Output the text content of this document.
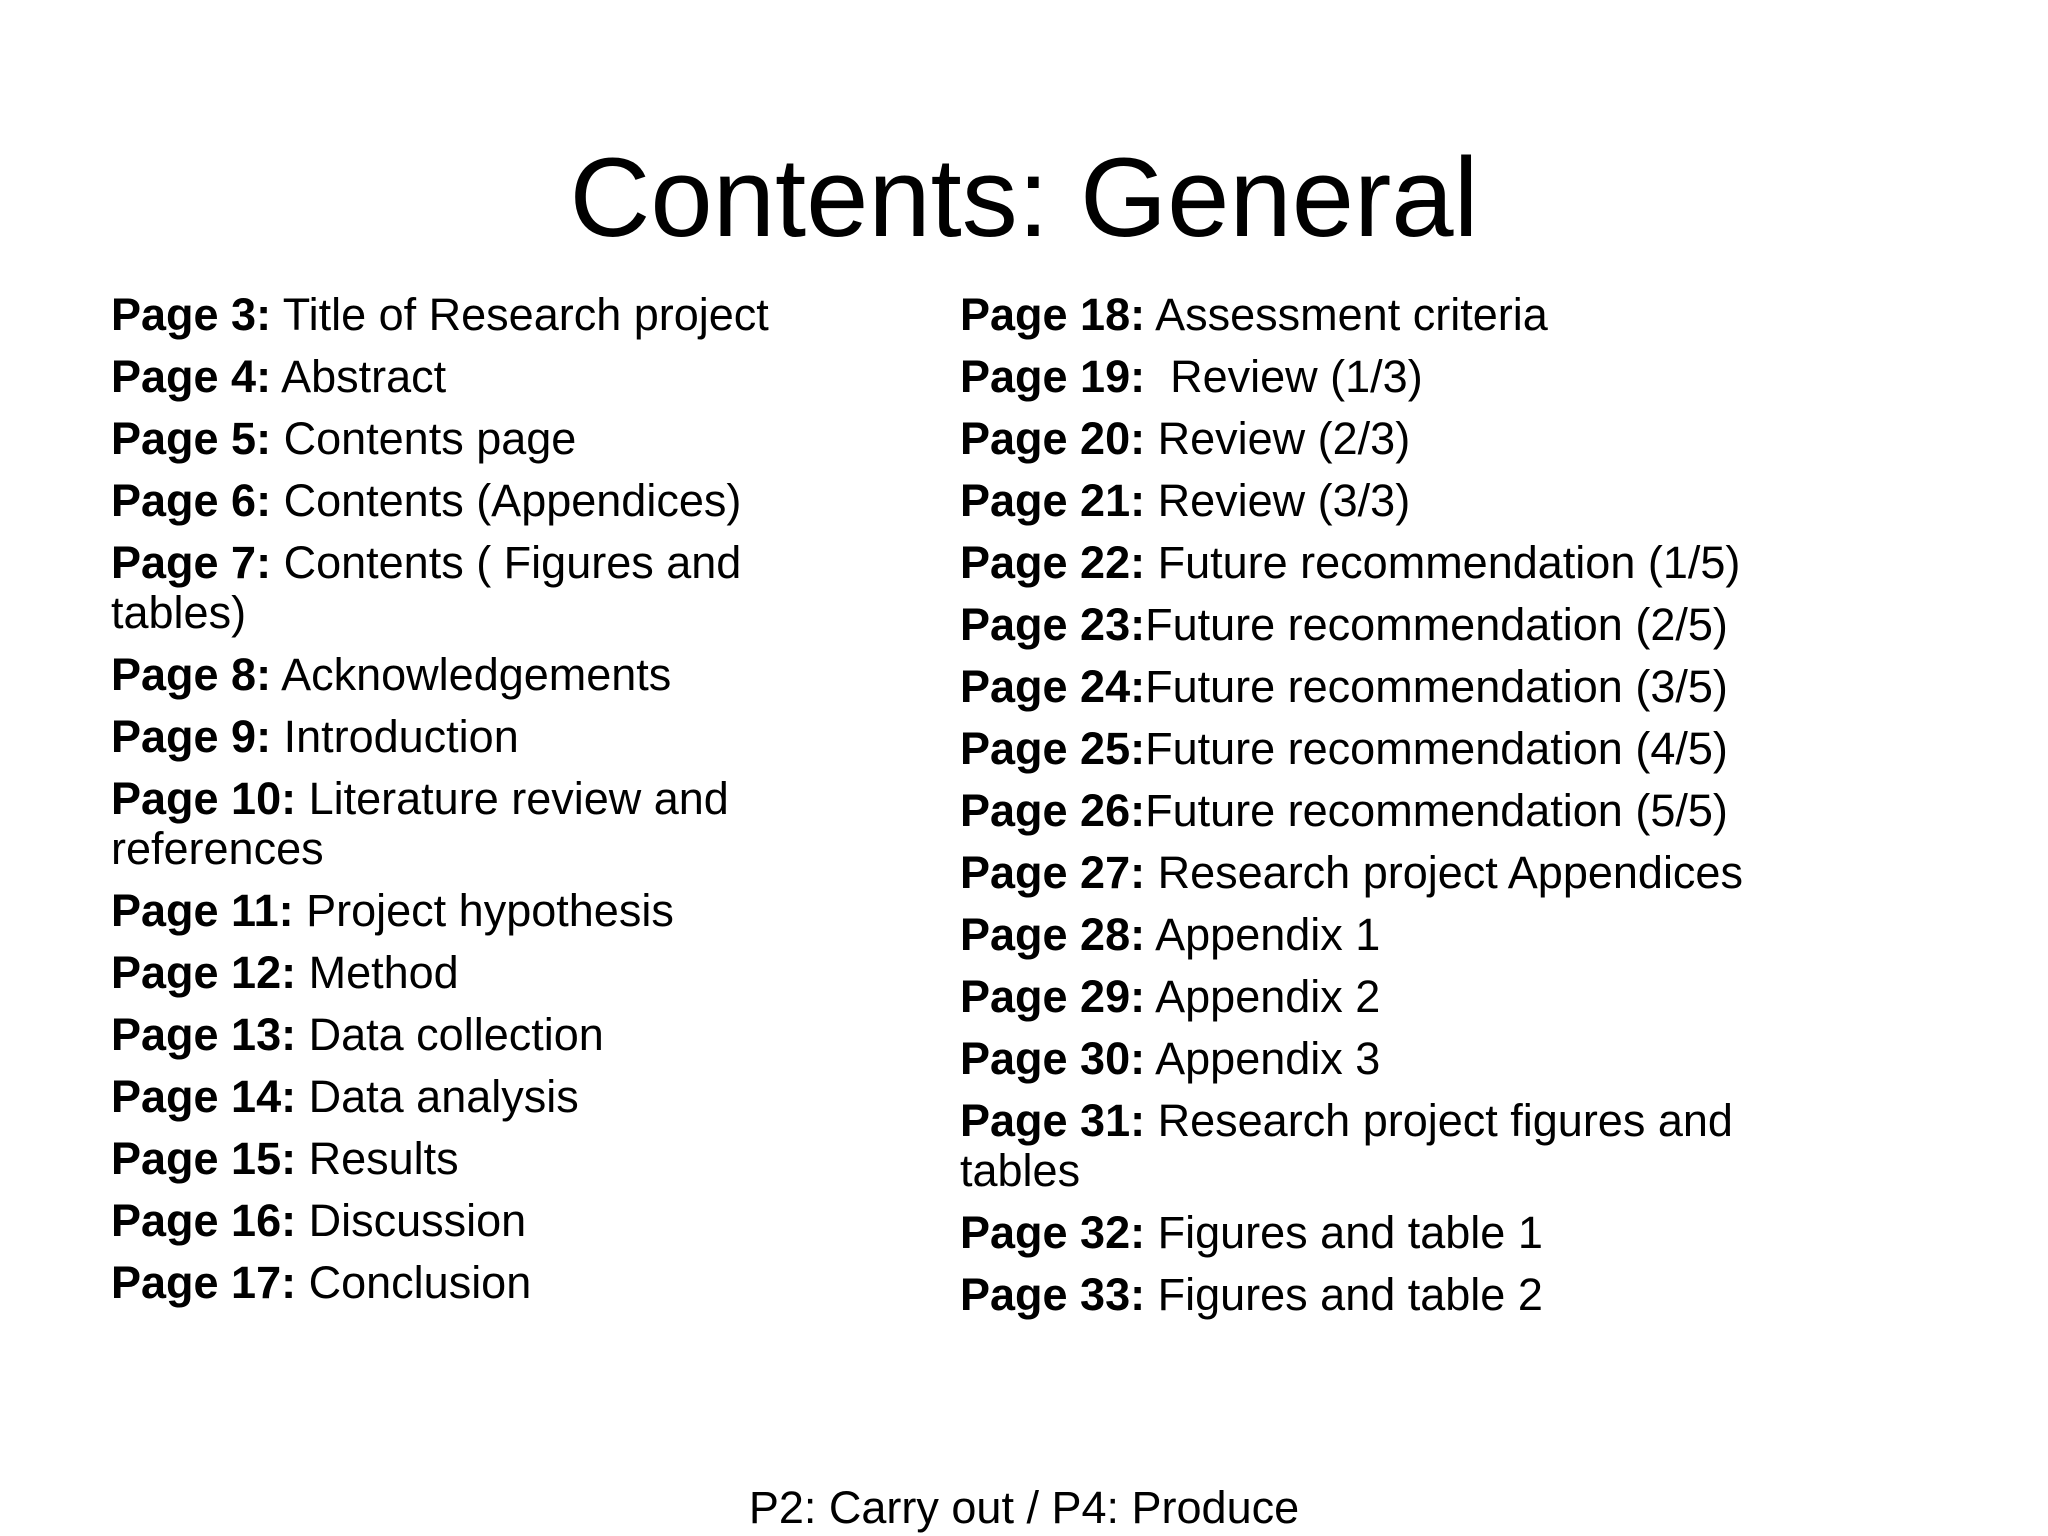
Contents: General
Page 3: Title of Research project
Page 4: Abstract
Page 5: Contents page
Page 6: Contents (Appendices)
Page 7: Contents ( Figures and tables)
Page 8: Acknowledgements
Page 9: Introduction
Page 10: Literature review and references
Page 11: Project hypothesis
Page 12: Method
Page 13: Data collection
Page 14: Data analysis
Page 15: Results
Page 16: Discussion
Page 17: Conclusion
Page 18: Assessment criteria
Page 19:  Review (1/3)
Page 20: Review (2/3)
Page 21: Review (3/3)
Page 22: Future recommendation (1/5)
Page 23:Future recommendation (2/5)
Page 24:Future recommendation (3/5)
Page 25:Future recommendation (4/5)
Page 26:Future recommendation (5/5)
Page 27: Research project Appendices
Page 28: Appendix 1
Page 29: Appendix 2
Page 30: Appendix 3
Page 31: Research project figures and tables
Page 32: Figures and table 1
Page 33: Figures and table 2
P2: Carry out / P4: Produce
